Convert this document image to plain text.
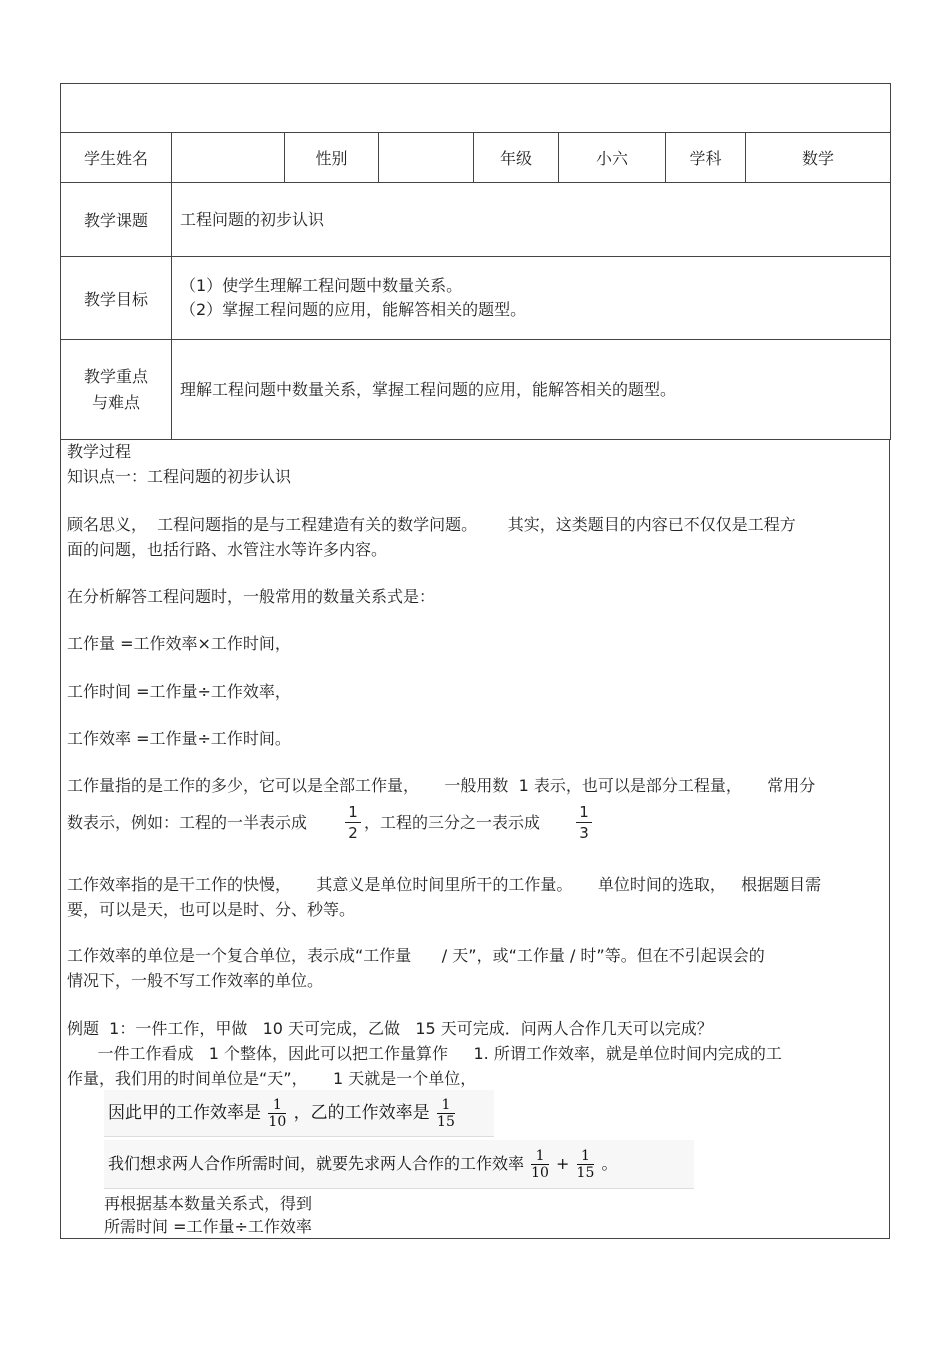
学生姓名		性别		年级	小六	学科	数学
教学课题	工程问题的初步认识						
教学目标	（1）使学生理解工程问题中数量关系。
（2）掌握工程问题的应用，能解答相关的题型。						

教学重点
与难点	理解工程问题中数量关系，掌握工程问题的应用，能解答相关的题型。						
教学过程
知识点一：工程问题的初步认识
顾名思义，  工程问题指的是与工程建造有关的数学问题。      其实，这类题目的内容已不仅仅是工程方
面的问题，也括行路、水管注水等许多内容。
在分析解答工程问题时，一般常用的数量关系式是：
工作量 =工作效率×工作时间，
工作时间 =工作量÷工作效率，
工作效率 =工作量÷工作时间。
工作量指的是工作的多少，它可以是全部工作量，     一般用数  1 表示，也可以是部分工程量，     常用分
数表示，例如：工程的一半表示成
1
2
，工程的三分之一表示成
1
3
工作效率指的是干工作的快慢，     其意义是单位时间里所干的工作量。     单位时间的选取，   根据题目需
要，可以是天，也可以是时、分、秒等。
工作效率的单位是一个复合单位，表示成“工作量      / 天”，或“工作量 / 时”等。但在不引起误会的
情况下，一般不写工作效率的单位。
例题  1：一件工作，甲做   10 天可完成，乙做   15 天可完成．问两人合作几天可以完成？
一件工作看成   1 个整体，因此可以把工作量算作     1. 所谓工作效率，就是单位时间内完成的工
作量，我们用的时间单位是“天”，     1 天就是一个单位，
因此甲的工作效率是 $\frac{1}{10}$ ，乙的工作效率是 $\frac{1}{15}$
我们想求两人合作所需时间，就要先求两人合作的工作效率 $\frac{1}{10} + \frac{1}{15}$ 。
再根据基本数量关系式，得到
所需时间 =工作量÷工作效率
